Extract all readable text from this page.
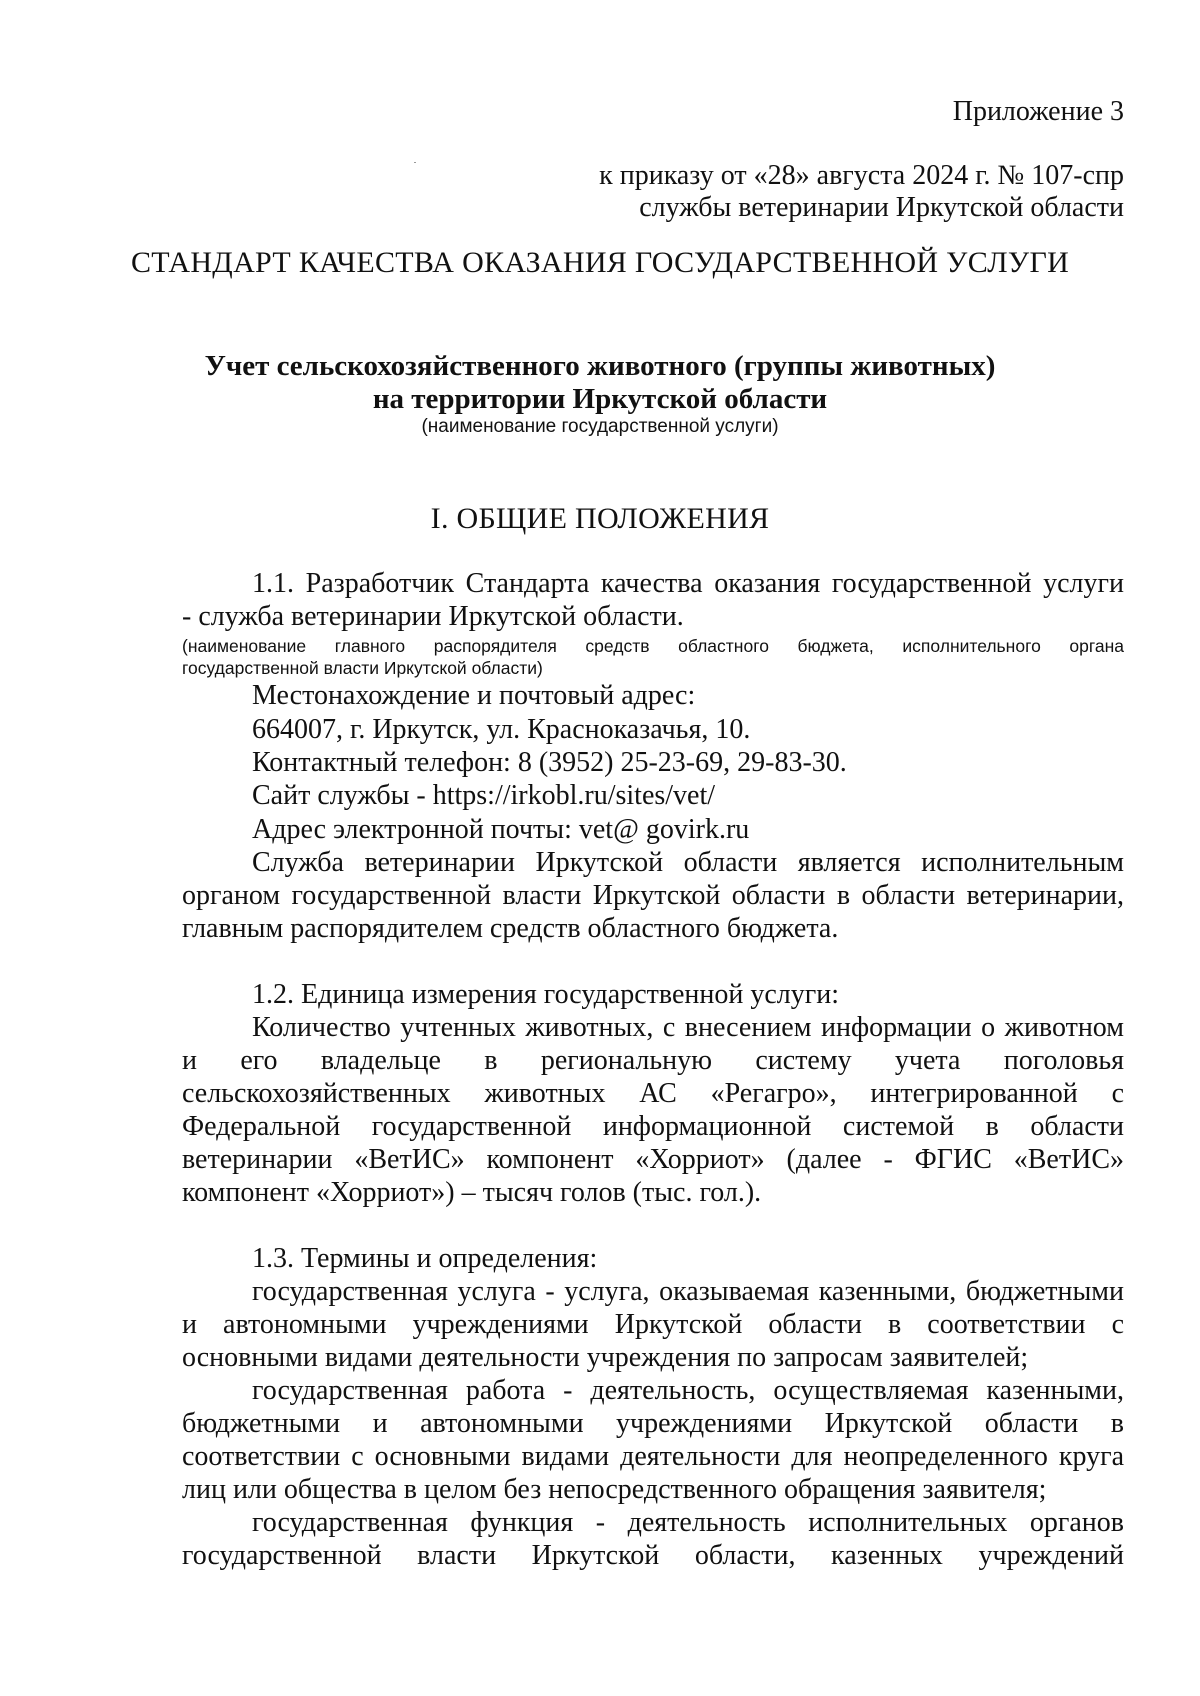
Приложение 3
к приказу от «28» августа 2024 г. № 107-спр
службы ветеринарии Иркутской области
СТАНДАРТ КАЧЕСТВА ОКАЗАНИЯ ГОСУДАРСТВЕННОЙ УСЛУГИ
Учет сельскохозяйственного животного (группы животных)
на территории Иркутской области
(наименование государственной услуги)
I. ОБЩИЕ ПОЛОЖЕНИЯ
1.1. Разработчик Стандарта качества оказания государственной услуги
- служба ветеринарии Иркутской области.
(наименование главного распорядителя средств областного бюджета, исполнительного органа
государственной власти Иркутской области)
Местонахождение и почтовый адрес:
664007, г. Иркутск, ул. Красноказачья, 10.
Контактный телефон: 8 (3952) 25-23-69, 29-83-30.
Сайт службы - https://irkobl.ru/sites/vet/
Адрес электронной почты: vet@ govirk.ru
Служба ветеринарии Иркутской области является исполнительным
органом государственной власти Иркутской области в области ветеринарии,
главным распорядителем средств областного бюджета.
1.2. Единица измерения государственной услуги:
Количество учтенных животных, с внесением информации о животном
и его владельце в региональную систему учета поголовья
сельскохозяйственных животных АС «Регагро», интегрированной с
Федеральной государственной информационной системой в области
ветеринарии «ВетИС» компонент «Хорриот» (далее - ФГИС «ВетИС»
компонент «Хорриот») – тысяч голов (тыс. гол.).
1.3. Термины и определения:
государственная услуга - услуга, оказываемая казенными, бюджетными
и автономными учреждениями Иркутской области в соответствии с
основными видами деятельности учреждения по запросам заявителей;
государственная работа - деятельность, осуществляемая казенными,
бюджетными и автономными учреждениями Иркутской области в
соответствии с основными видами деятельности для неопределенного круга
лиц или общества в целом без непосредственного обращения заявителя;
государственная функция - деятельность исполнительных органов
государственной власти Иркутской области, казенных учреждений
